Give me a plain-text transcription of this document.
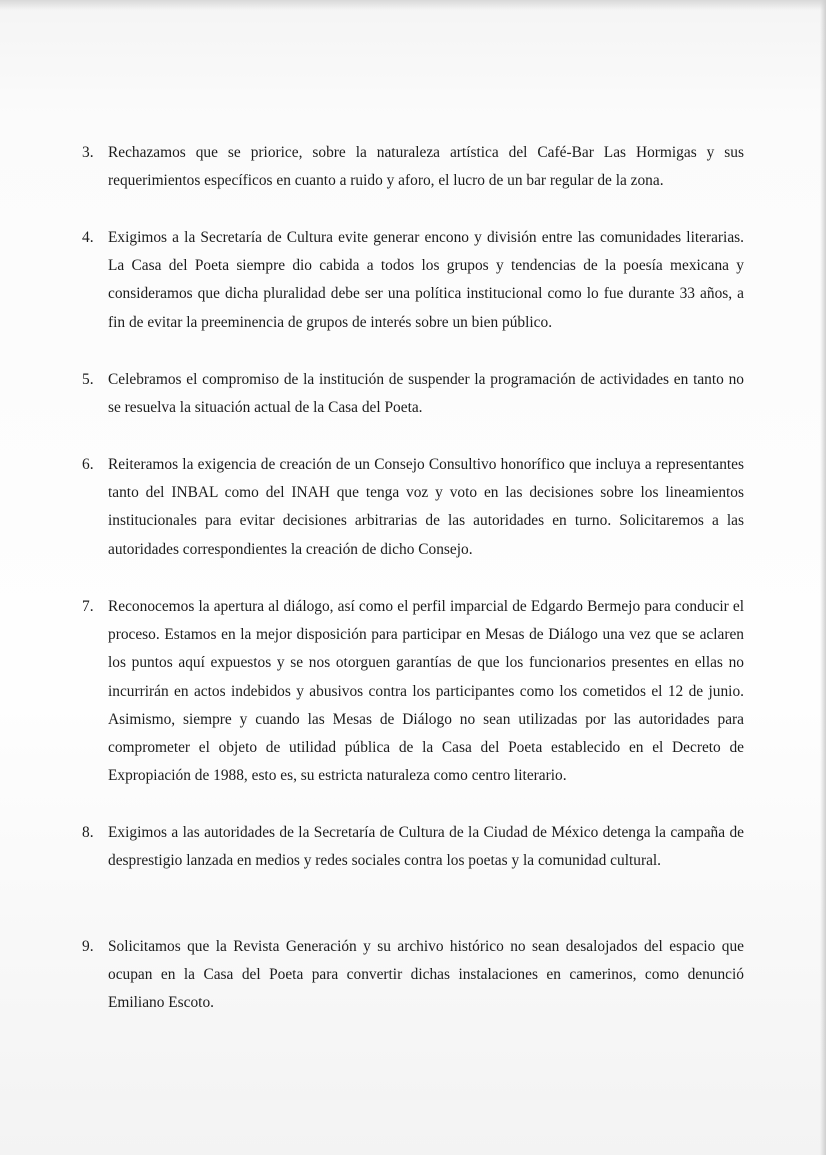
3. Rechazamos que se priorice, sobre la naturaleza artística del Café-Bar Las Hormigas y sus requerimientos específicos en cuanto a ruido y aforo, el lucro de un bar regular de la zona.
4. Exigimos a la Secretaría de Cultura evite generar encono y división entre las comunidades literarias. La Casa del Poeta siempre dio cabida a todos los grupos y tendencias de la poesía mexicana y consideramos que dicha pluralidad debe ser una política institucional como lo fue durante 33 años, a fin de evitar la preeminencia de grupos de interés sobre un bien público.
5. Celebramos el compromiso de la institución de suspender la programación de actividades en tanto no se resuelva la situación actual de la Casa del Poeta.
6. Reiteramos la exigencia de creación de un Consejo Consultivo honorífico que incluya a representantes tanto del INBAL como del INAH que tenga voz y voto en las decisiones sobre los lineamientos institucionales para evitar decisiones arbitrarias de las autoridades en turno. Solicitaremos a las autoridades correspondientes la creación de dicho Consejo.
7. Reconocemos la apertura al diálogo, así como el perfil imparcial de Edgardo Bermejo para conducir el proceso. Estamos en la mejor disposición para participar en Mesas de Diálogo una vez que se aclaren los puntos aquí expuestos y se nos otorguen garantías de que los funcionarios presentes en ellas no incurrirán en actos indebidos y abusivos contra los participantes como los cometidos el 12 de junio. Asimismo, siempre y cuando las Mesas de Diálogo no sean utilizadas por las autoridades para comprometer el objeto de utilidad pública de la Casa del Poeta establecido en el Decreto de Expropiación de 1988, esto es, su estricta naturaleza como centro literario.
8. Exigimos a las autoridades de la Secretaría de Cultura de la Ciudad de México detenga la campaña de desprestigio lanzada en medios y redes sociales contra los poetas y la comunidad cultural.
9. Solicitamos que la Revista Generación y su archivo histórico no sean desalojados del espacio que ocupan en la Casa del Poeta para convertir dichas instalaciones en camerinos, como denunció Emiliano Escoto.
